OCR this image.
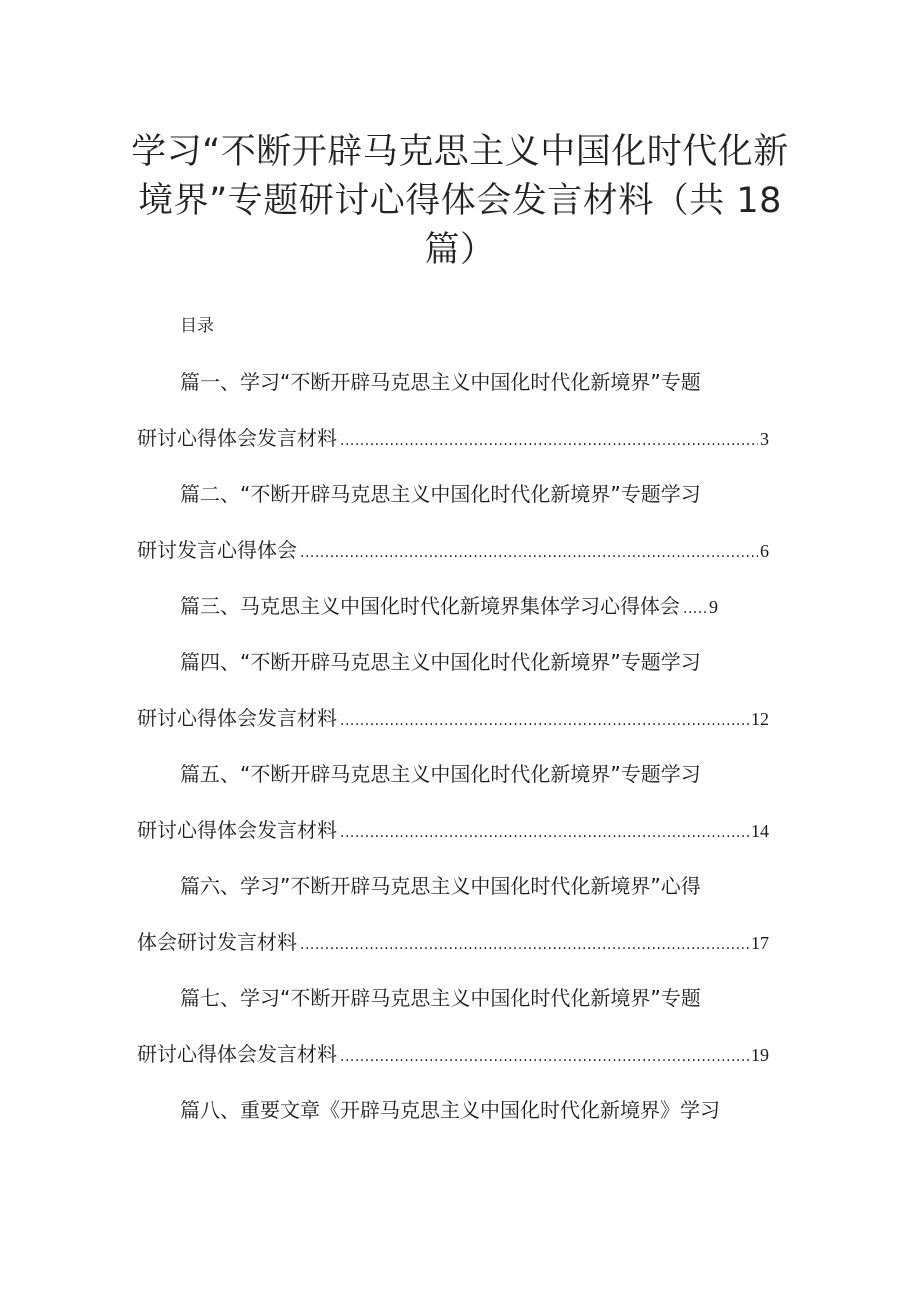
学习“不断开辟马克思主义中国化时代化新
境界”专题研讨心得体会发言材料（共 18
篇）
目录
篇一、学习“不断开辟马克思主义中国化时代化新境界”专题
研讨心得体会发言材料 .....	3
篇二、“不断开辟马克思主义中国化时代化新境界”专题学习
研讨发言心得体会 .....	6
篇三、马克思主义中国化时代化新境界集体学习心得体会 ..... 9
篇四、“不断开辟马克思主义中国化时代化新境界”专题学习
研讨心得体会发言材料 .....	12
篇五、“不断开辟马克思主义中国化时代化新境界”专题学习
研讨心得体会发言材料 .....	14
篇六、学习”不断开辟马克思主义中国化时代化新境界”心得
体会研讨发言材料 .....	17
篇七、学习“不断开辟马克思主义中国化时代化新境界”专题
研讨心得体会发言材料 .....	19
篇八、重要文章《开辟马克思主义中国化时代化新境界》学习
